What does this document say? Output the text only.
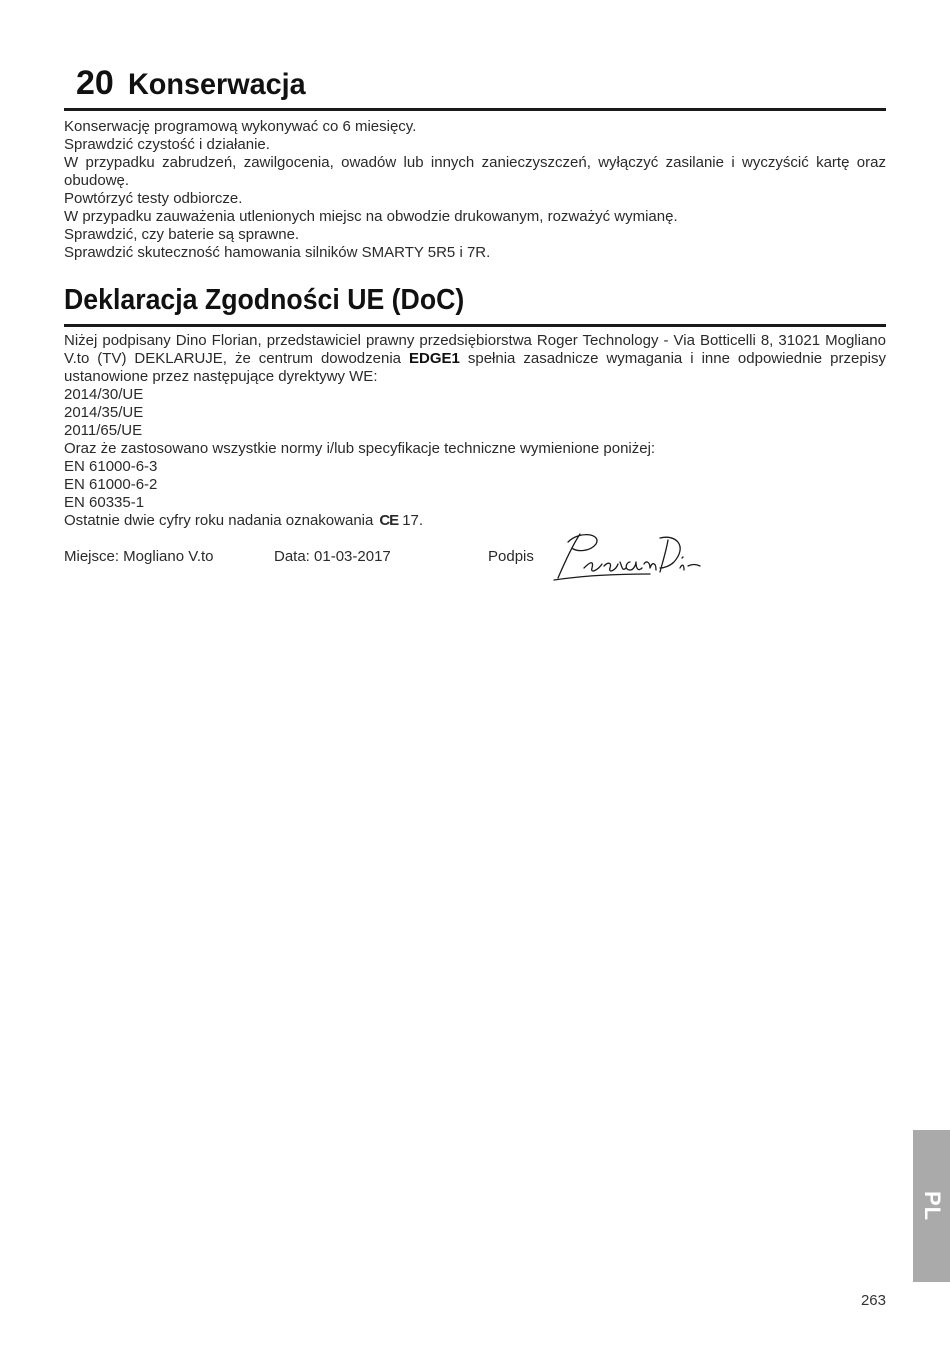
20 Konserwacja

Konserwację programową wykonywać co 6 miesięcy.

Sprawdzić czystość i działanie.

W przypadku zabrudzeń, zawilgocenia, owadów lub innych zanieczyszczeń, wyłączyć zasilanie i wyczyścić kartę oraz obudowę.

Powtórzyć testy odbiorcze.

W przypadku zauważenia utlenionych miejsc na obwodzie drukowanym, rozważyć wymianę.

Sprawdzić, czy baterie są sprawne.

Sprawdzić skuteczność hamowania silników SMARTY 5R5 i 7R.

Deklaracja Zgodności UE (DoC)

Niżej podpisany Dino Florian, przedstawiciel prawny przedsiębiorstwa Roger Technology - Via Botticelli 8, 31021 Mogliano V.to (TV) DEKLARUJE, że centrum dowodzenia EDGE1 spełnia zasadnicze wymagania i inne odpowiednie przepisy ustanowione przez następujące dyrektywy WE:

2014/30/UE

2014/35/UE

2011/65/UE

Oraz że zastosowano wszystkie normy i/lub specyfikacje techniczne wymienione poniżej:

EN 61000-6-3

EN 61000-6-2

EN 60335-1

Ostatnie dwie cyfry roku nadania oznakowania CE 17.

Miejsce: Mogliano V.to	Data: 01-03-2017	Podpis
PL
263
